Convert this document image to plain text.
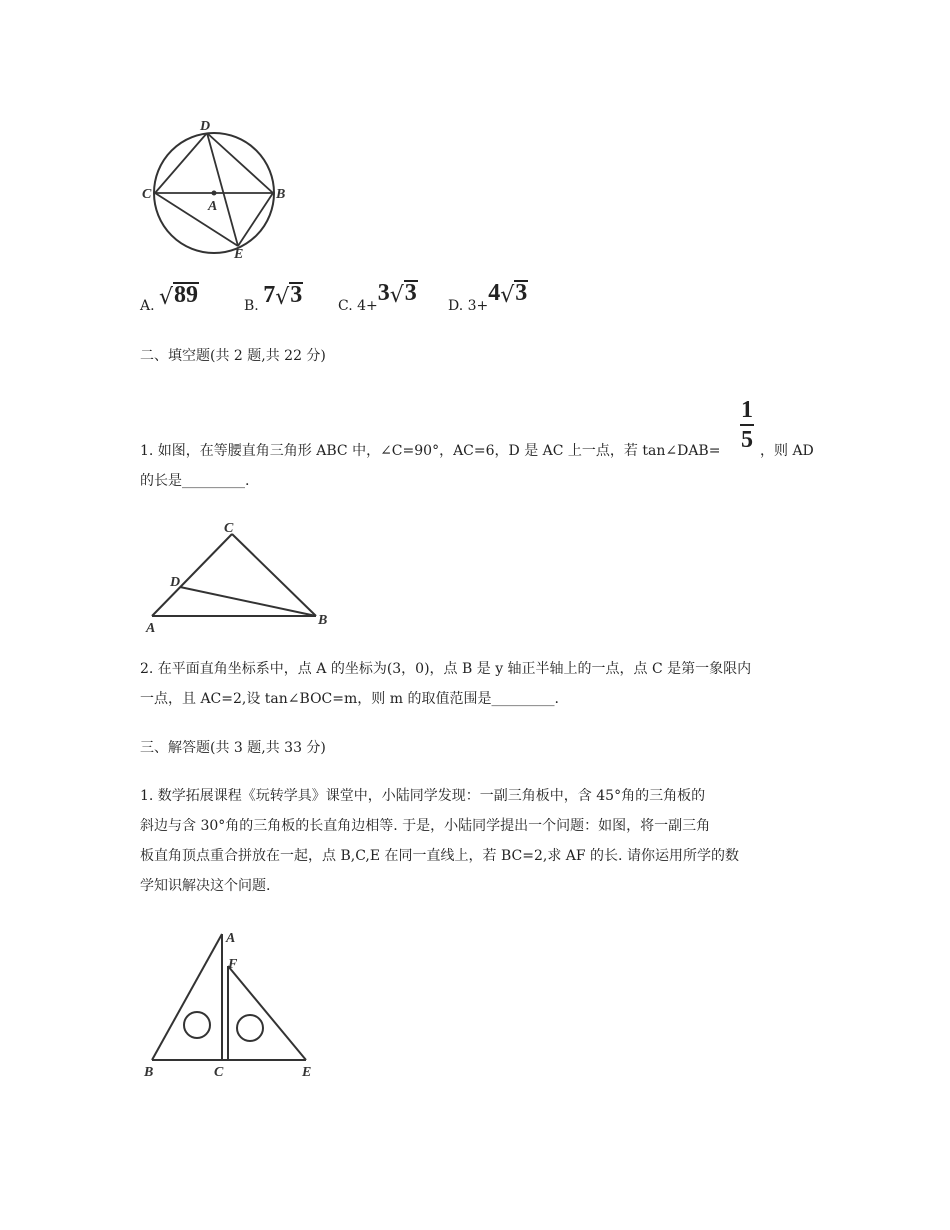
D
C
A
B
E
A. √89	B. 7√3	C. 4+3√3 D. 3+4√3
二、填空题(共 2 题,共 22 分)
1. 如图，在等腰直角三角形 ABC 中，∠C=90°，AC=6，D 是 AC 上一点，若 tan∠DAB=
1
5 ，则 AD
的长是_________.
C
D
A
B
2. 在平面直角坐标系中，点 A 的坐标为(3，0)，点 B 是 y 轴正半轴上的一点，点 C 是第一象限内
一点，且 AC=2,设 tan∠BOC=m，则 m 的取值范围是_________.
三、解答题(共 3 题,共 33 分)
1. 数学拓展课程《玩转学具》课堂中，小陆同学发现：一副三角板中，含 45°角的三角板的
斜边与含 30°角的三角板的长直角边相等. 于是，小陆同学提出一个问题：如图，将一副三角
板直角顶点重合拼放在一起，点 B,C,E 在同一直线上，若 BC=2,求 AF 的长. 请你运用所学的数
学知识解决这个问题.
A
F
B	C	E
